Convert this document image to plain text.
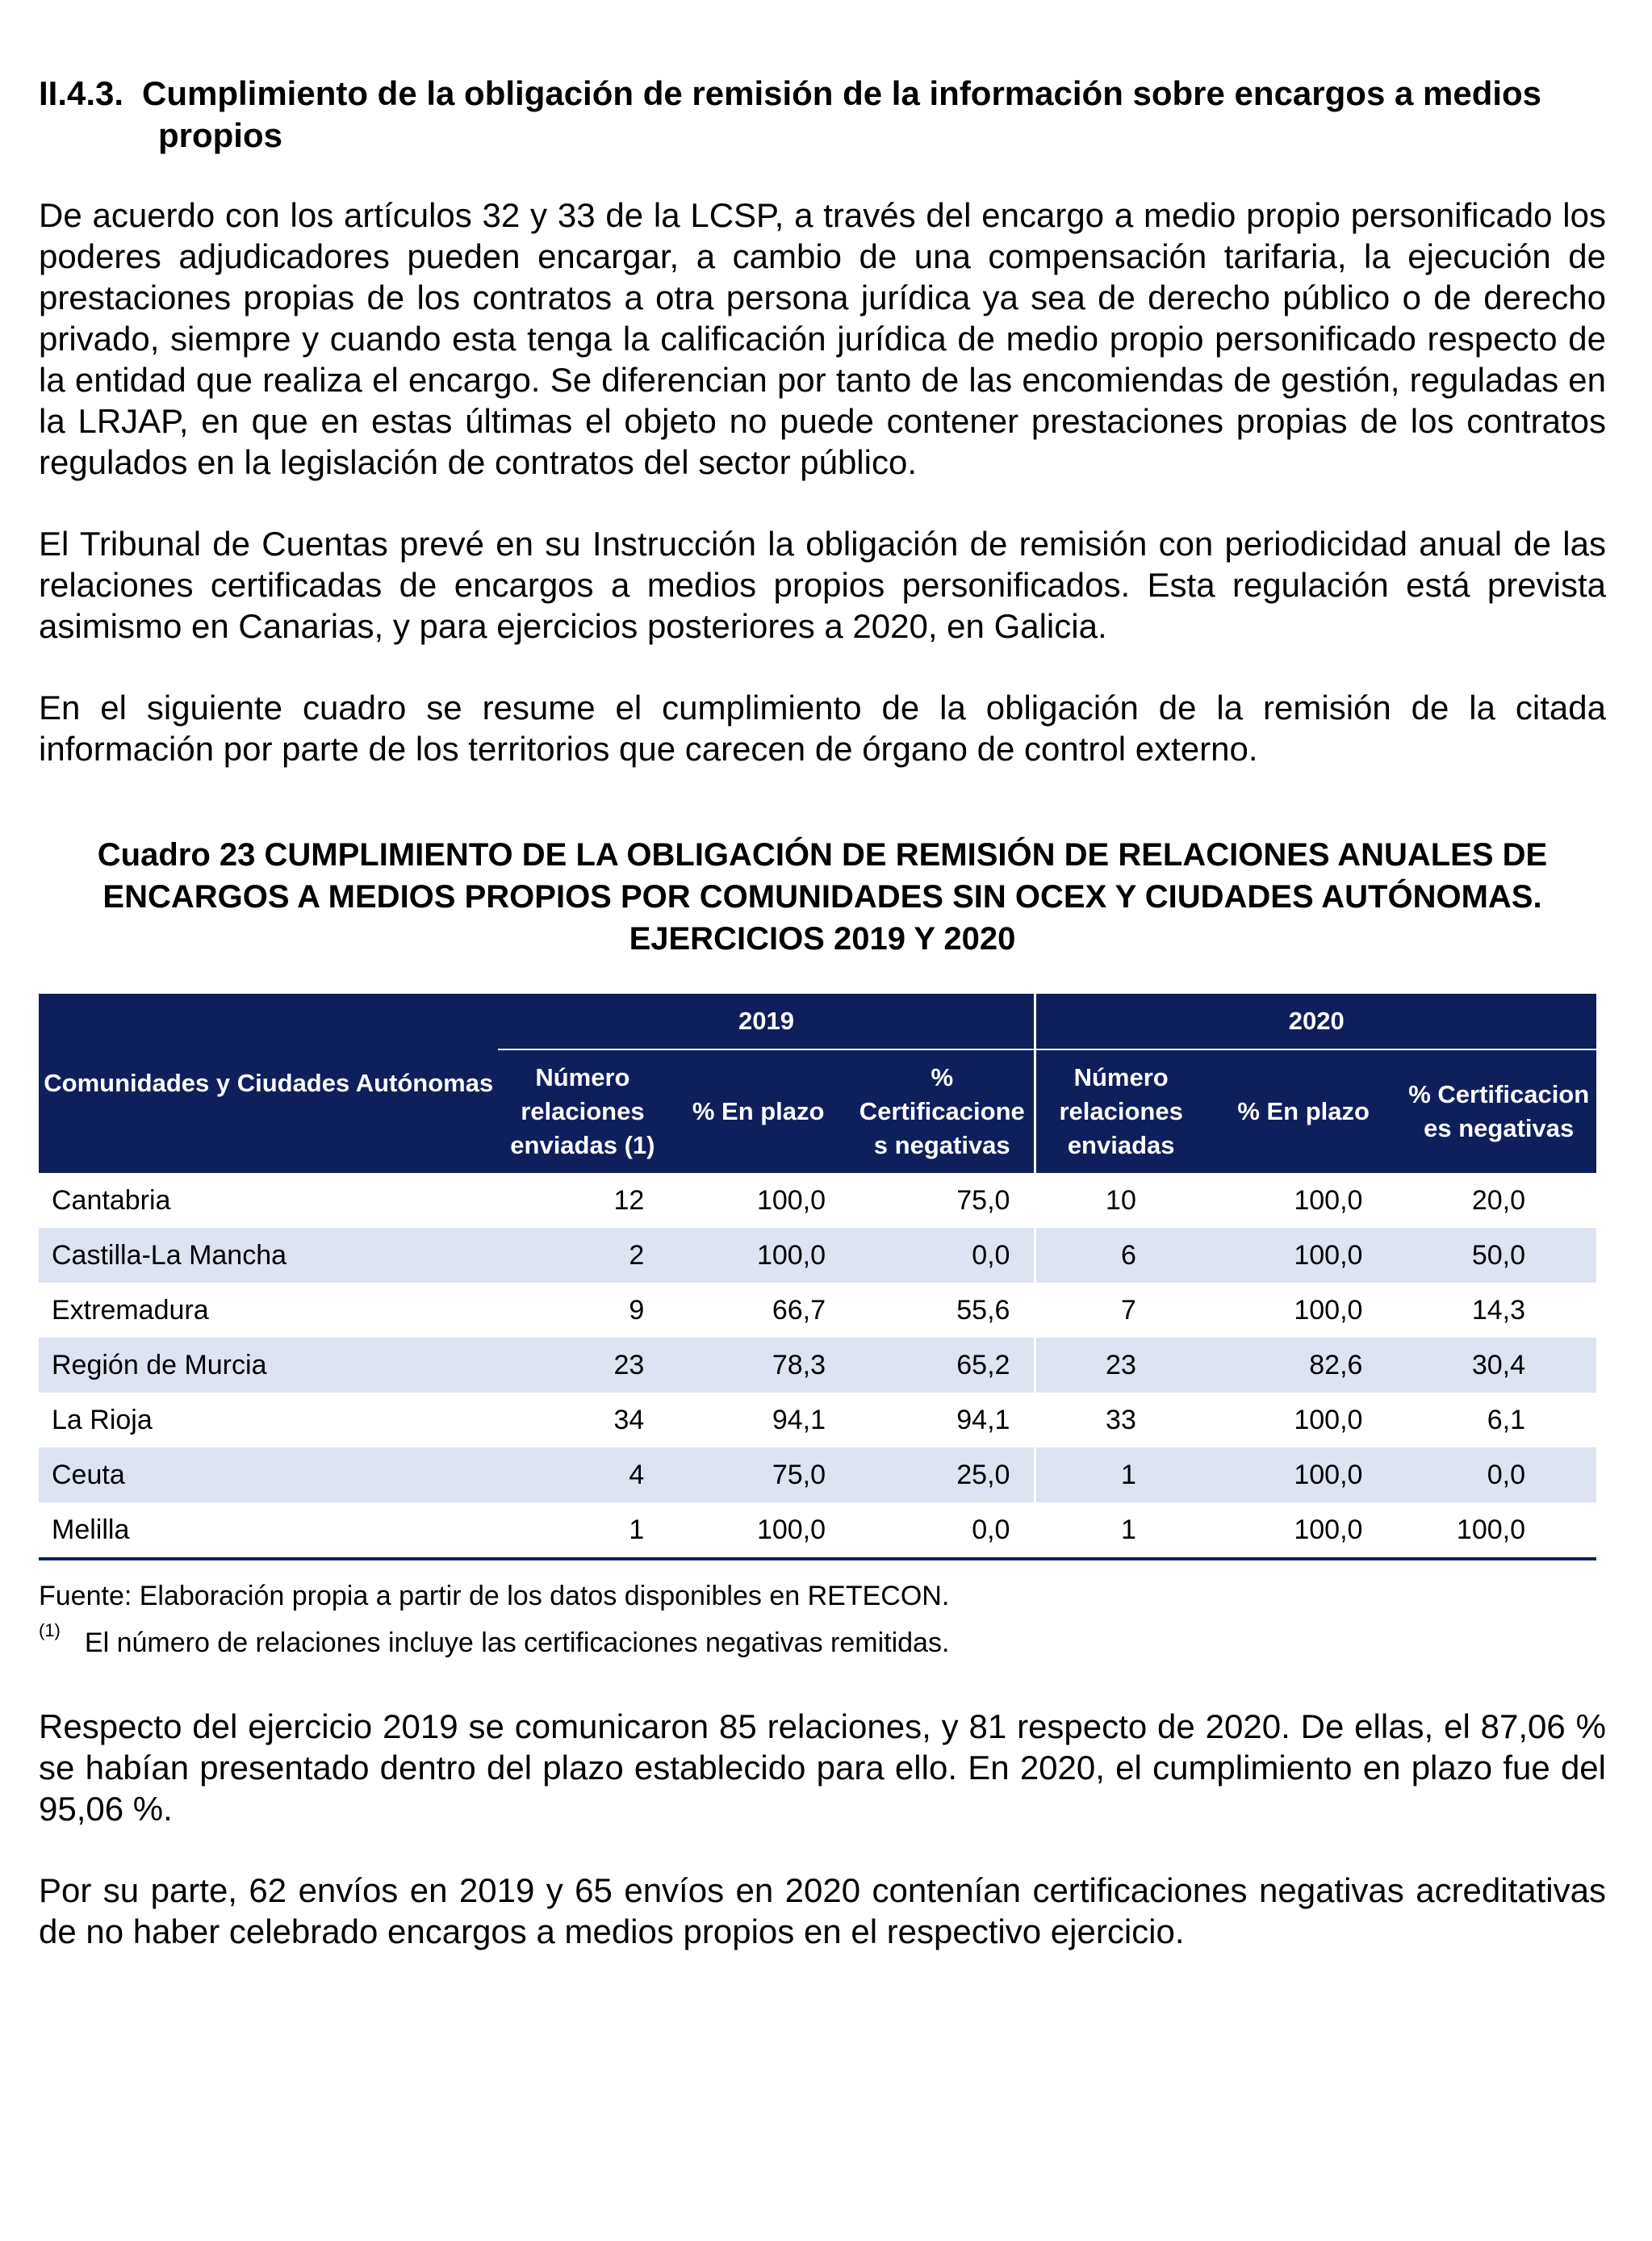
II.4.3. Cumplimiento de la obligación de remisión de la información sobre encargos a medios
propios

De acuerdo con los artículos 32 y 33 de la LCSP, a través del encargo a medio propio personificado los poderes adjudicadores pueden encargar, a cambio de una compensación tarifaria, la ejecución de prestaciones propias de los contratos a otra persona jurídica ya sea de derecho público o de derecho privado, siempre y cuando esta tenga la calificación jurídica de medio propio personificado respecto de la entidad que realiza el encargo. Se diferencian por tanto de las encomiendas de gestión, reguladas en la LRJAP, en que en estas últimas el objeto no puede contener prestaciones propias de los contratos regulados en la legislación de contratos del sector público.

El Tribunal de Cuentas prevé en su Instrucción la obligación de remisión con periodicidad anual de las relaciones certificadas de encargos a medios propios personificados. Esta regulación está prevista asimismo en Canarias, y para ejercicios posteriores a 2020, en Galicia.

En el siguiente cuadro se resume el cumplimiento de la obligación de la remisión de la citada información por parte de los territorios que carecen de órgano de control externo.

Cuadro 23 CUMPLIMIENTO DE LA OBLIGACIÓN DE REMISIÓN DE RELACIONES ANUALES DE ENCARGOS A MEDIOS PROPIOS POR COMUNIDADES SIN OCEX Y CIUDADES AUTÓNOMAS. EJERCICIOS 2019 Y 2020
Comunidades y Ciudades Autónomas	2019			2020		
	Número relaciones enviadas (1)	% En plazo	% Certificacione s negativas	Número relaciones enviadas	% En plazo	% Certificacion es negativas
Cantabria	12	100,0	75,0	10	100,0	20,0
Castilla-La Mancha	2	100,0	0,0	6	100,0	50,0
Extremadura	9	66,7	55,6	7	100,0	14,3
Región de Murcia	23	78,3	65,2	23	82,6	30,4
La Rioja	34	94,1	94,1	33	100,0	6,1
Ceuta	4	75,0	25,0	1	100,0	0,0
Melilla	1	100,0	0,0	1	100,0	100,0
Fuente: Elaboración propia a partir de los datos disponibles en RETECON.
$^{(1)}$ El número de relaciones incluye las certificaciones negativas remitidas.

Respecto del ejercicio 2019 se comunicaron 85 relaciones, y 81 respecto de 2020. De ellas, el 87,06 % se habían presentado dentro del plazo establecido para ello. En 2020, el cumplimiento en plazo fue del 95,06 %.

Por su parte, 62 envíos en 2019 y 65 envíos en 2020 contenían certificaciones negativas acreditativas de no haber celebrado encargos a medios propios en el respectivo ejercicio.
